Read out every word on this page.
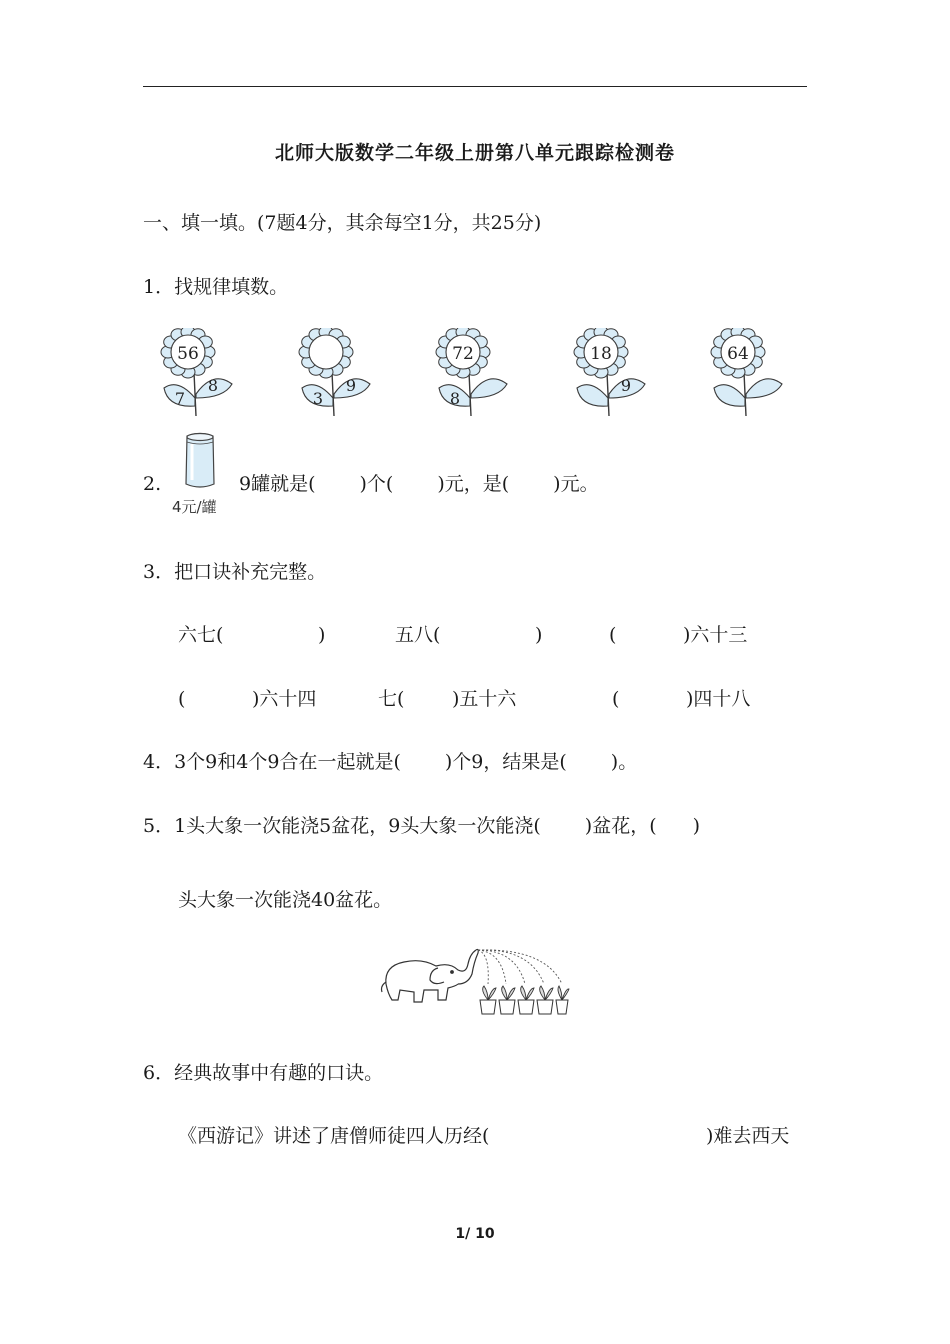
北师大版数学二年级上册第八单元跟踪检测卷
一、填一填。(7题4分，其余每空1分，共25分)
1．找规律填数。
56
7
8
3
9
72
8
18
9
64
2.
4元/罐
9罐就是( )个( )元，是( )元。
3．把口诀补充完整。
六七(	)	五八(	)	(	)六十三
(	)六十四	七(	)五十六	(	)四十八
4．3个9和4个9合在一起就是( )个9，结果是( )。
5．1头大象一次能浇5盆花，9头大象一次能浇( )盆花，( )
头大象一次能浇40盆花。
6．经典故事中有趣的口诀。
《西游记》讲述了唐僧师徒四人历经(	)难去西天
1/ 10
